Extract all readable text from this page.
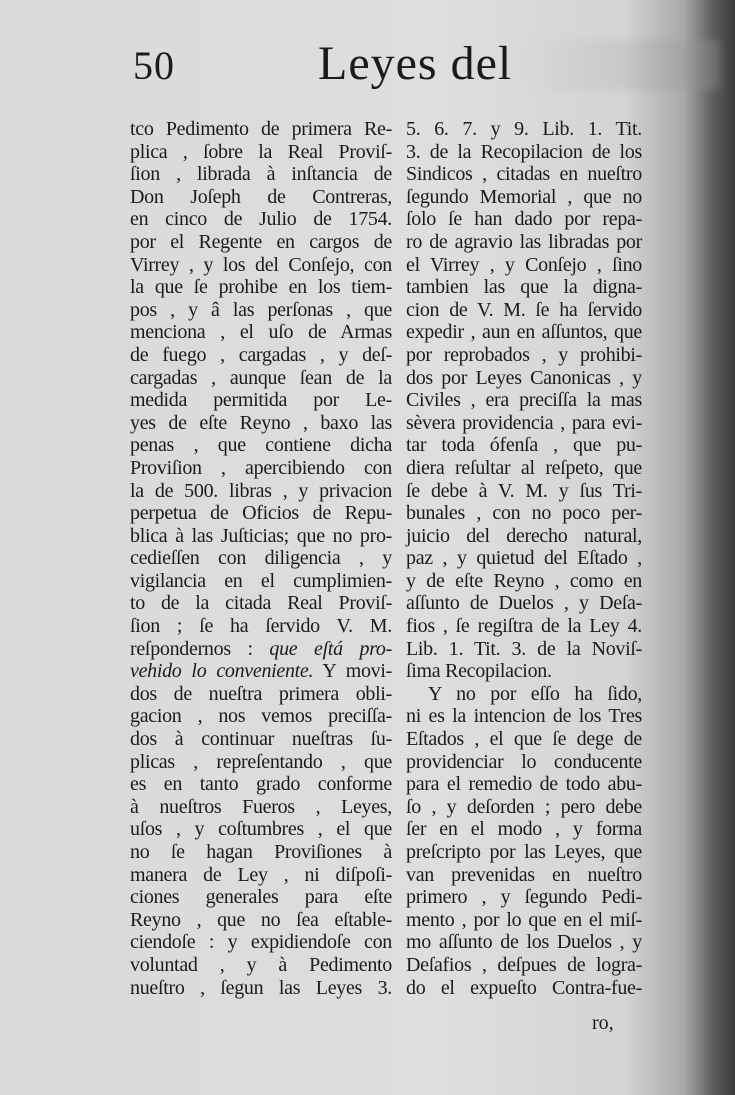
50	Leyes del
tco Pedimento de primera Re-
plica , ſobre la Real Proviſ-
ſion , librada à inſtancia de
Don Joſeph de Contreras,
en cinco de Julio de 1754.
por el Regente en cargos de
Virrey , y los del Conſejo, con
la que ſe prohibe en los tiem-
pos , y â las perſonas , que
menciona , el uſo de Armas
de fuego , cargadas , y deſ-
cargadas , aunque ſean de la
medida permitida por Le-
yes de eſte Reyno , baxo las
penas , que contiene dicha
Proviſion , apercibiendo con
la de 500. libras , y privacion
perpetua de Oficios de Repu-
blica à las Juſticias; que no pro-
cedieſſen con diligencia , y
vigilancia en el cumplimien-
to de la citada Real Proviſ-
ſion ; ſe ha ſervido V. M.
reſpondernos : que eſtá pro-
vehido lo conveniente. Y movi-
dos de nueſtra primera obli-
gacion , nos vemos preciſſa-
dos à continuar nueſtras ſu-
plicas , repreſentando , que
es en tanto grado conforme
à nueſtros Fueros , Leyes,
uſos , y coſtumbres , el que
no ſe hagan Proviſiones à
manera de Ley , ni diſpoſi-
ciones generales para eſte
Reyno , que no ſea eſtable-
ciendoſe : y expidiendoſe con
voluntad , y à Pedimento
nueſtro , ſegun las Leyes 3.
5. 6. 7. y 9. Lib. 1. Tit.
3. de la Recopilacion de los
Sindicos , citadas en nueſtro
ſegundo Memorial , que no
ſolo ſe han dado por repa-
ro de agravio las libradas por
el Virrey , y Conſejo , ſino
tambien las que la digna-
cion de V. M. ſe ha ſervido
expedir , aun en aſſuntos, que
por reprobados , y prohibi-
dos por Leyes Canonicas , y
Civiles , era preciſſa la mas
sèvera providencia , para evi-
tar toda ófenſa , que pu-
diera reſultar al reſpeto, que
ſe debe à V. M. y ſus Tri-
bunales , con no poco per-
juicio del derecho natural,
paz , y quietud del Eſtado ,
y de eſte Reyno , como en
aſſunto de Duelos , y Deſa-
fios , ſe regiſtra de la Ley 4.
Lib. 1. Tit. 3. de la Noviſ-
ſima Recopilacion.
Y no por eſſo ha ſido,
ni es la intencion de los Tres
Eſtados , el que ſe dege de
providenciar lo conducente
para el remedio de todo abu-
ſo , y deſorden ; pero debe
ſer en el modo , y forma
preſcripto por las Leyes, que
van prevenidas en nueſtro
primero , y ſegundo Pedi-
mento , por lo que en el miſ-
mo aſſunto de los Duelos , y
Deſafios , deſpues de logra-
do el expueſto Contra-fue-
ro,
